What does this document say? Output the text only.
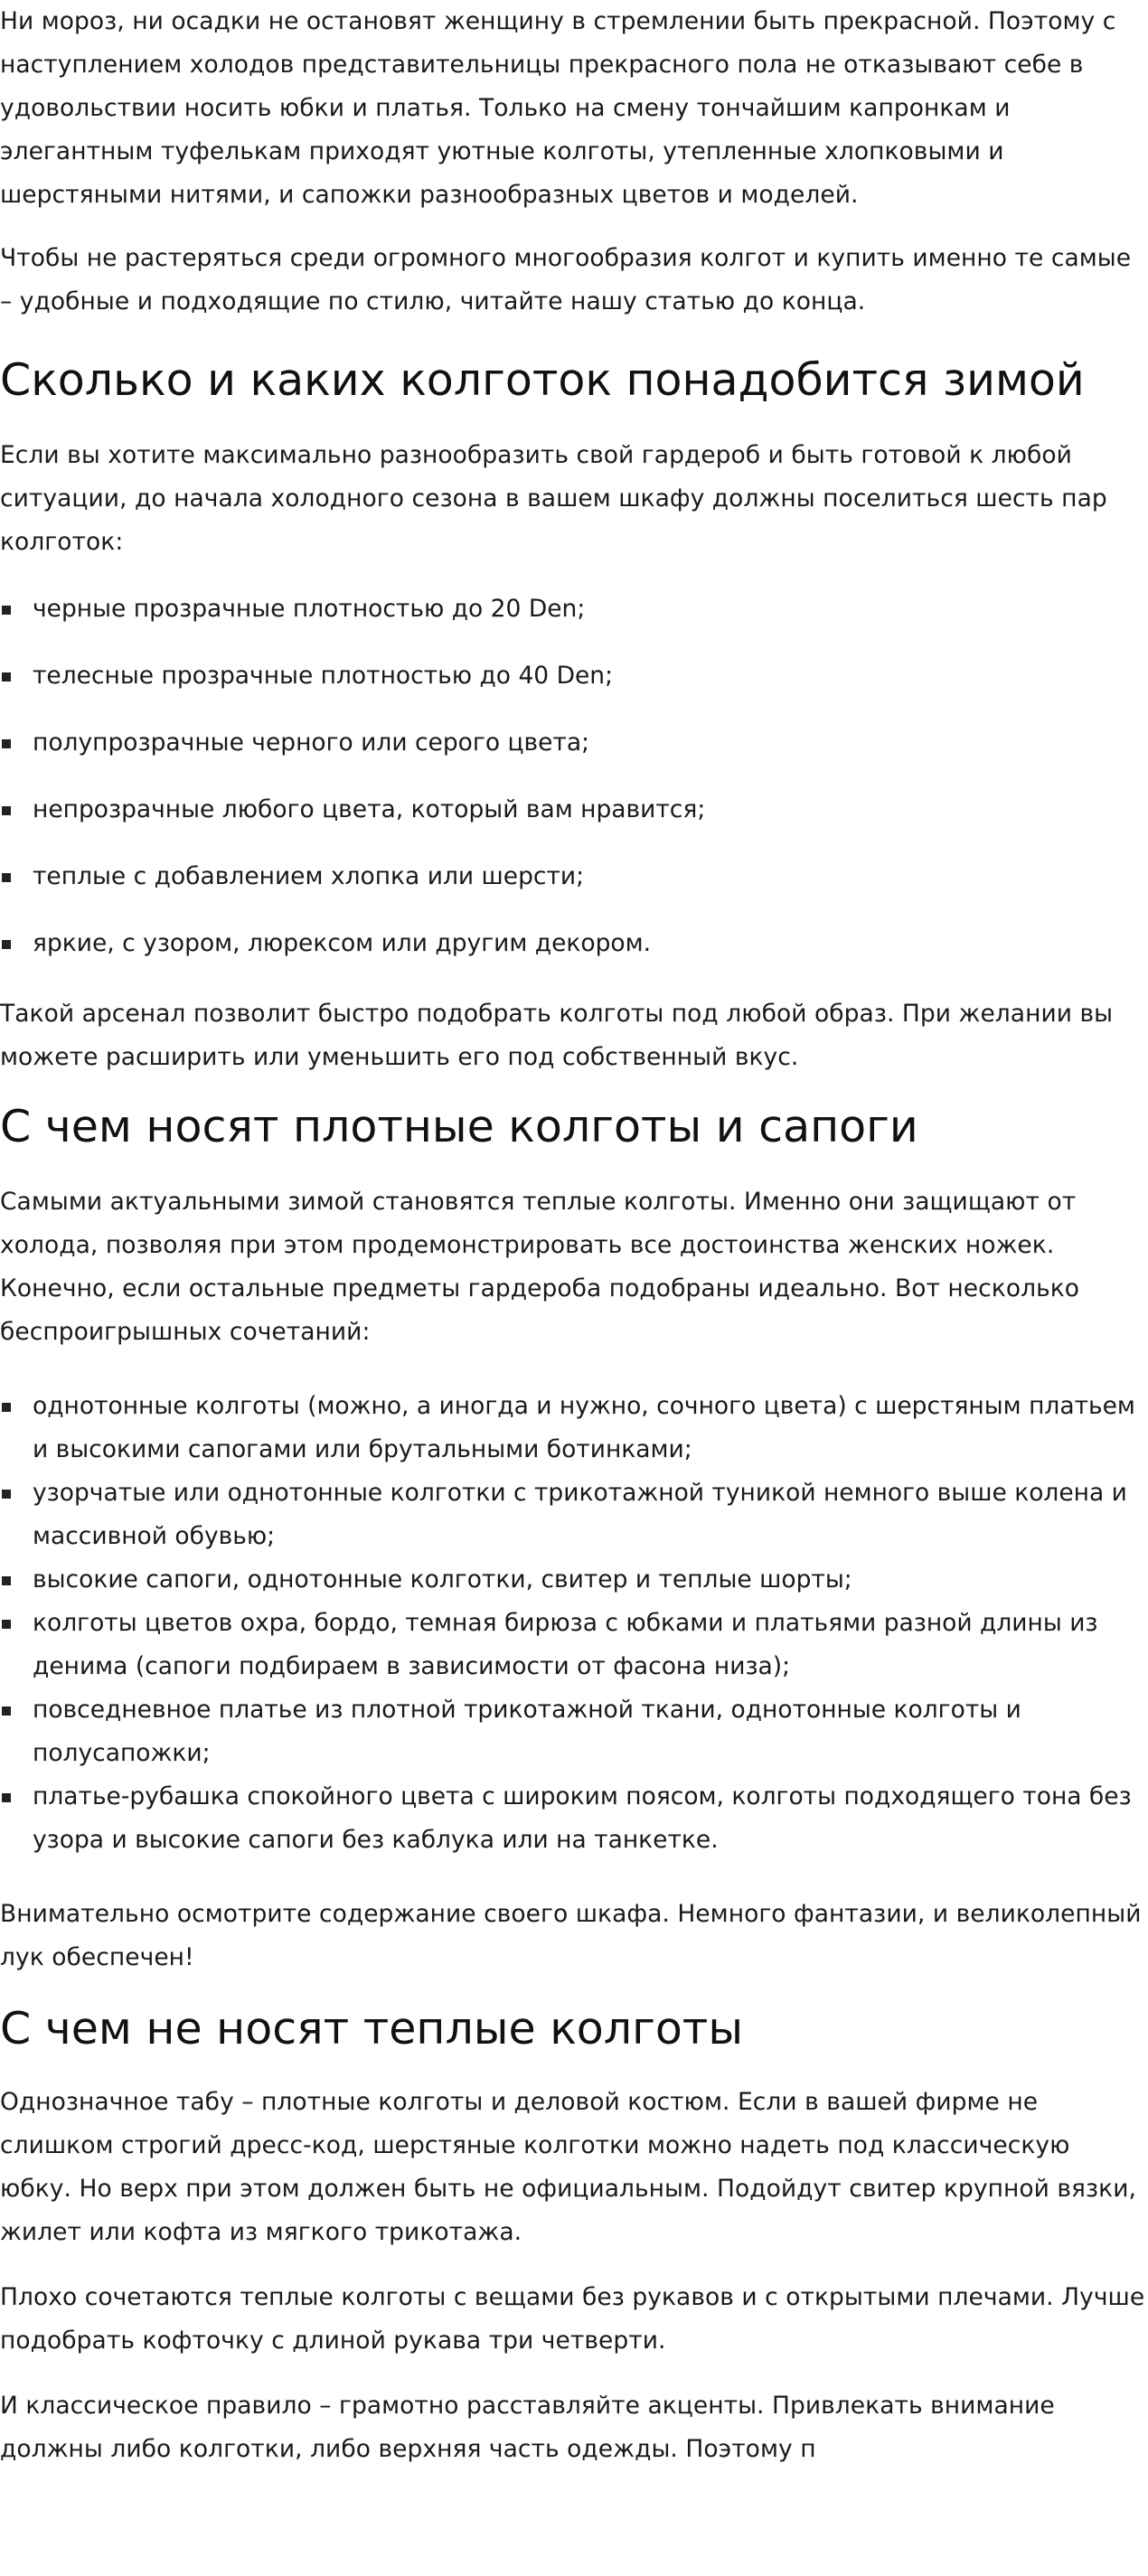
Ни мороз, ни осадки не остановят женщину в стремлении быть прекрасной. Поэтому с наступлением холодов представительницы прекрасного пола не отказывают себе в удовольствии носить юбки и платья. Только на смену тончайшим капронкам и элегантным туфелькам приходят уютные колготы, утепленные хлопковыми и шерстяными нитями, и сапожки разнообразных цветов и моделей.

Чтобы не растеряться среди огромного многообразия колгот и купить именно те самые – удобные и подходящие по стилю, читайте нашу статью до конца.

Сколько и каких колготок понадобится зимой

Если вы хотите максимально разнообразить свой гардероб и быть готовой к любой ситуации, до начала холодного сезона в вашем шкафу должны поселиться шесть пар колготок:

черные прозрачные плотностью до 20 Den;
телесные прозрачные плотностью до 40 Den;
полупрозрачные черного или серого цвета;
непрозрачные любого цвета, который вам нравится;
теплые с добавлением хлопка или шерсти;
яркие, с узором, люрексом или другим декором.

Такой арсенал позволит быстро подобрать колготы под любой образ. При желании вы можете расширить или уменьшить его под собственный вкус.

С чем носят плотные колготы и сапоги

Самыми актуальными зимой становятся теплые колготы. Именно они защищают от холода, позволяя при этом продемонстрировать все достоинства женских ножек. Конечно, если остальные предметы гардероба подобраны идеально. Вот несколько беспроигрышных сочетаний:

однотонные колготы (можно, а иногда и нужно, сочного цвета) с шерстяным платьем и высокими сапогами или брутальными ботинками;
узорчатые или однотонные колготки с трикотажной туникой немного выше колена и массивной обувью;
высокие сапоги, однотонные колготки, свитер и теплые шорты;
колготы цветов охра, бордо, темная бирюза с юбками и платьями разной длины из денима (сапоги подбираем в зависимости от фасона низа);
повседневное платье из плотной трикотажной ткани, однотонные колготы и полусапожки;
платье-рубашка спокойного цвета с широким поясом, колготы подходящего тона без узора и высокие сапоги без каблука или на танкетке.

Внимательно осмотрите содержание своего шкафа. Немного фантазии, и великолепный лук обеспечен!

С чем не носят теплые колготы

Однозначное табу – плотные колготы и деловой костюм. Если в вашей фирме не слишком строгий дресс-код, шерстяные колготки можно надеть под классическую юбку. Но верх при этом должен быть не официальным. Подойдут свитер крупной вязки, жилет или кофта из мягкого трикотажа.

Плохо сочетаются теплые колготы с вещами без рукавов и с открытыми плечами. Лучше подобрать кофточку с длиной рукава три четверти.

И классическое правило – грамотно расставляйте акценты. Привлекать внимание должны либо колготки, либо верхняя часть одежды. Поэтому п
